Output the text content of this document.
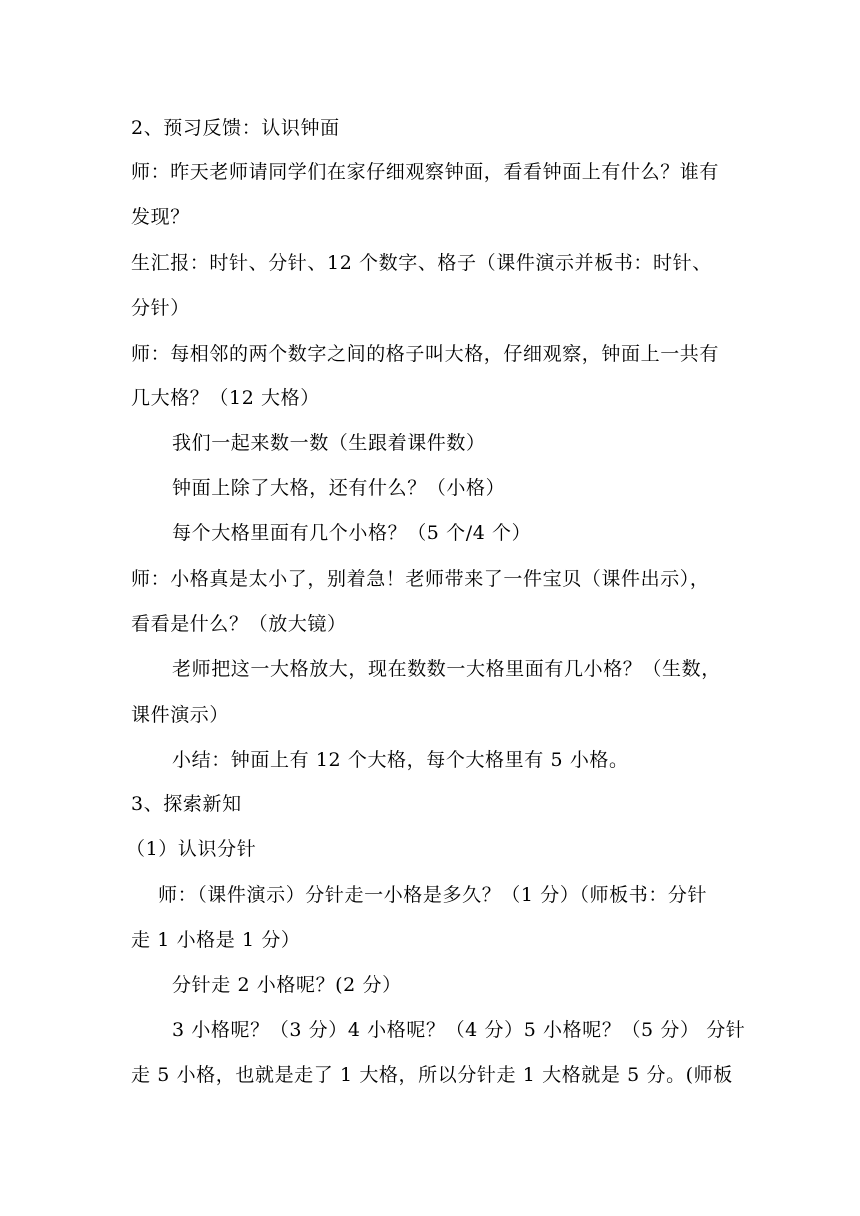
2、预习反馈：认识钟面
师：昨天老师请同学们在家仔细观察钟面，看看钟面上有什么？谁有
发现？
生汇报：时针、分针、12 个数字、格子（课件演示并板书：时针、
分针）
师：每相邻的两个数字之间的格子叫大格，仔细观察，钟面上一共有
几大格？（12 大格）
我们一起来数一数（生跟着课件数）
钟面上除了大格，还有什么？（小格）
每个大格里面有几个小格？（5 个/4 个）
师：小格真是太小了，别着急！老师带来了一件宝贝（课件出示），
看看是什么？（放大镜）
老师把这一大格放大，现在数数一大格里面有几小格？（生数，
课件演示）
小结：钟面上有 12 个大格，每个大格里有 5 小格。
3、探索新知
（1）认识分针
师：（课件演示）分针走一小格是多久？（1 分）（师板书：分针
走 1 小格是 1 分）
分针走 2 小格呢？(2 分）
3 小格呢？（3 分）4 小格呢？（4 分）5 小格呢？（5 分） 分针
走 5 小格，也就是走了 1 大格，所以分针走 1 大格就是 5 分。(师板
